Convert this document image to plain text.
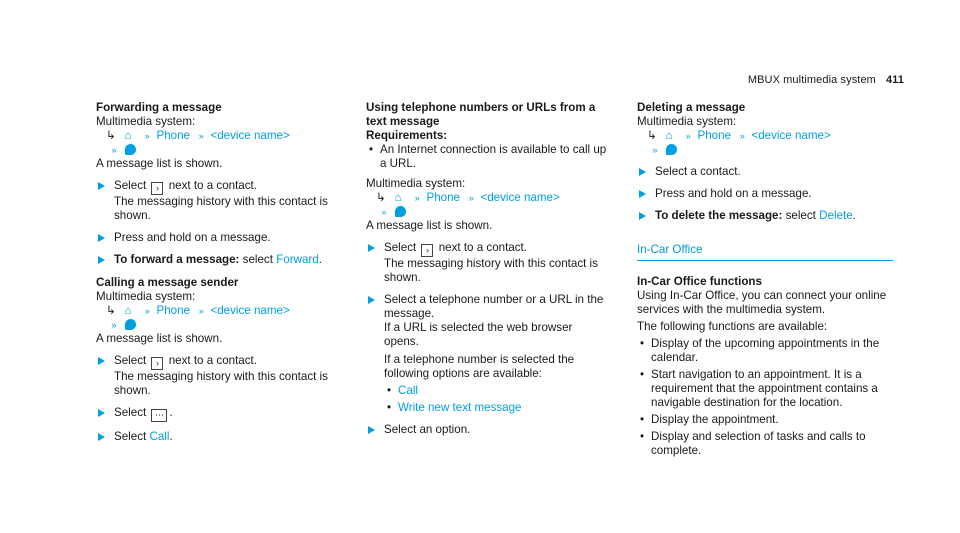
MBUX multimedia system 411
Forwarding a message
Multimedia system:
↳ ⌂ » Phone » <device name>
»
A message list is shown.
Select › next to a contact.
The messaging history with this contact is shown.
Press and hold on a message.
To forward a message: select Forward.
Calling a message sender
Multimedia system:
↳ ⌂ » Phone » <device name>
»
A message list is shown.
Select › next to a contact.
The messaging history with this contact is shown.
Select ⋯ .
Select Call.
Using telephone numbers or URLs from a
text message
Requirements:
• An Internet connection is available to call up a URL.
Multimedia system:
↳ ⌂ » Phone » <device name>
»
A message list is shown.
Select › next to a contact.
The messaging history with this contact is shown.
Select a telephone number or a URL in the message.
If a URL is selected the web browser opens.
If a telephone number is selected the following options are available:
• Call
• Write new text message
Select an option.
Deleting a message
Multimedia system:
↳ ⌂ » Phone » <device name>
»
Select a contact.
Press and hold on a message.
To delete the message: select Delete.
In-Car Office
In-Car Office functions
Using In-Car Office, you can connect your online services with the multimedia system.
The following functions are available:
• Display of the upcoming appointments in the calendar.
• Start navigation to an appointment. It is a requirement that the appointment contains a navigable destination for the location.
• Display the appointment.
• Display and selection of tasks and calls to complete.
